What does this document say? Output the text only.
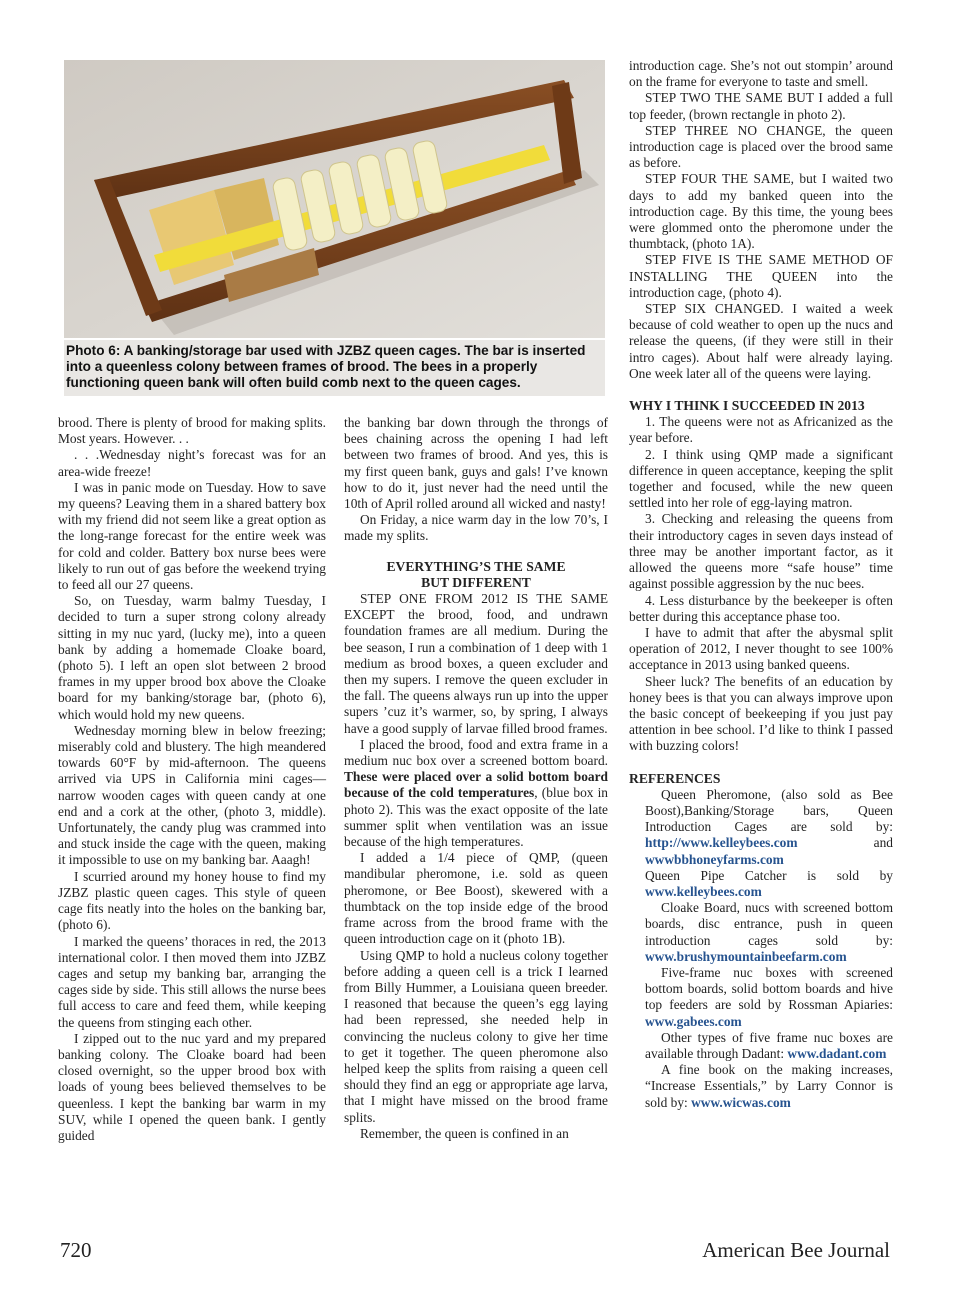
Photo 6: A banking/storage bar used with JZBZ queen cages. The bar is inserted into a queenless colony between frames of brood. The bees in a properly functioning queen bank will often build comb next to the queen cages.

brood. There is plenty of brood for making splits. Most years. However. . .

. . .Wednesday night’s forecast was for an area-wide freeze!

I was in panic mode on Tuesday. How to save my queens? Leaving them in a shared battery box with my friend did not seem like a great option as the long-range forecast for the entire week was for cold and colder. Battery box nurse bees were likely to run out of gas before the weekend trying to feed all our 27 queens.

So, on Tuesday, warm balmy Tuesday, I decided to turn a super strong colony already sitting in my nuc yard, (lucky me), into a queen bank by adding a homemade Cloake board, (photo 5). I left an open slot between 2 brood frames in my upper brood box above the Cloake board for my banking/storage bar, (photo 6), which would hold my new queens.

Wednesday morning blew in below freezing; miserably cold and blustery. The high meandered towards 60°F by mid-afternoon. The queens arrived via UPS in California mini cages—narrow wooden cages with queen candy at one end and a cork at the other, (photo 3, middle). Unfortunately, the candy plug was crammed into and stuck inside the cage with the queen, making it impossible to use on my banking bar. Aaagh!

I scurried around my honey house to find my JZBZ plastic queen cages. This style of queen cage fits neatly into the holes on the banking bar, (photo 6).

I marked the queens’ thoraces in red, the 2013 international color. I then moved them into JZBZ cages and setup my banking bar, arranging the cages side by side. This still allows the nurse bees full access to care and feed them, while keeping the queens from stinging each other.

I zipped out to the nuc yard and my prepared banking colony. The Cloake board had been closed overnight, so the upper brood box with loads of young bees believed themselves to be queenless. I kept the banking bar warm in my SUV, while I opened the queen bank. I gently guided

the banking bar down through the throngs of bees chaining across the opening I had left between two frames of brood. And yes, this is my first queen bank, guys and gals! I’ve known how to do it, just never had the need until the 10th of April rolled around all wicked and nasty!

On Friday, a nice warm day in the low 70’s, I made my splits.

EVERYTHING’S THE SAME
BUT DIFFERENT

STEP ONE FROM 2012 IS THE SAME EXCEPT the brood, food, and undrawn foundation frames are all medium. During the bee season, I run a combination of 1 deep with 1 medium as brood boxes, a queen excluder and then my supers. I remove the queen excluder in the fall. The queens always run up into the upper supers ’cuz it’s warmer, so, by spring, I always have a good supply of larvae filled brood frames.

I placed the brood, food and extra frame in a medium nuc box over a screened bottom board. These were placed over a solid bottom board because of the cold temperatures, (blue box in photo 2). This was the exact opposite of the late summer split when ventilation was an issue because of the high temperatures.

I added a 1/4 piece of QMP, (queen mandibular pheromone, i.e. sold as queen pheromone, or Bee Boost), skewered with a thumbtack on the top inside edge of the brood frame across from the brood frame with the queen introduction cage on it (photo 1B).

Using QMP to hold a nucleus colony together before adding a queen cell is a trick I learned from Billy Hummer, a Louisiana queen breeder. I reasoned that because the queen’s egg laying had been repressed, she needed help in convincing the nucleus colony to give her time to get it together. The queen pheromone also helped keep the splits from raising a queen cell should they find an egg or appropriate age larva, that I might have missed on the brood frame splits.

Remember, the queen is confined in an

introduction cage. She’s not out stompin’ around on the frame for everyone to taste and smell.

STEP TWO THE SAME BUT I added a full top feeder, (brown rectangle in photo 2).

STEP THREE NO CHANGE, the queen introduction cage is placed over the brood same as before.

STEP FOUR THE SAME, but I waited two days to add my banked queen into the introduction cage. By this time, the young bees were glommed onto the pheromone under the thumbtack, (photo 1A).

STEP FIVE IS THE SAME METHOD OF INSTALLING THE QUEEN into the introduction cage, (photo 4).

STEP SIX CHANGED. I waited a week because of cold weather to open up the nucs and release the queens, (if they were still in their intro cages). About half were already laying. One week later all of the queens were laying.

WHY I THINK I SUCCEEDED IN 2013

1. The queens were not as Africanized as the year before.

2. I think using QMP made a significant difference in queen acceptance, keeping the split together and focused, while the new queen settled into her role of egg-laying matron.

3. Checking and releasing the queens from their introductory cages in seven days instead of three may be another important factor, as it allowed the queens more “safe house” time against possible aggression by the nuc bees.

4. Less disturbance by the beekeeper is often better during this acceptance phase too.

I have to admit that after the abysmal split operation of 2012, I never thought to see 100% acceptance in 2013 using banked queens.

Sheer luck? The benefits of an education by honey bees is that you can always improve upon the basic concept of beekeeping if you just pay attention in bee school. I’d like to think I passed with buzzing colors!

REFERENCES

Queen Pheromone, (also sold as Bee Boost),Banking/Storage bars, Queen Introduction Cages are sold by: http://www.kelleybees.com and wwwbbhoneyfarms.com

Queen Pipe Catcher is sold by www.kelleybees.com

Cloake Board, nucs with screened bottom boards, disc entrance, push in queen introduction cages sold by: www.brushymountainbeefarm.com

Five-frame nuc boxes with screened bottom boards, solid bottom boards and hive top feeders are sold by Rossman Apiaries: www.gabees.com

Other types of five frame nuc boxes are available through Dadant: www.dadant.com

A fine book on the making increases, “Increase Essentials,” by Larry Connor is sold by: www.wicwas.com

720	American Bee Journal
